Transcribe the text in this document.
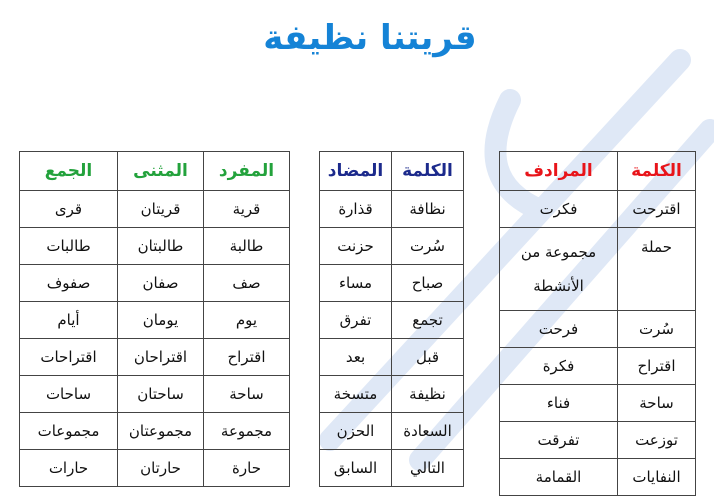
قريتنا نظيفة
الكلمة	المرادف
اقترحت	فكرت
حملة	مجموعة من الأنشطة
سُرت	فرحت
اقتراح	فكرة
ساحة	فناء
توزعت	تفرقت
النفايات	القمامة
الكلمة	المضاد
نظافة	قذارة
سُرت	حزنت
صباح	مساء
تجمع	تفرق
قبل	بعد
نظيفة	متسخة
السعادة	الحزن
التالي	السابق
المفرد	المثنى	الجمع
قرية	قريتان	قرى
طالبة	طالبتان	طالبات
صف	صفان	صفوف
يوم	يومان	أيام
اقتراح	اقتراحان	اقتراحات
ساحة	ساحتان	ساحات
مجموعة	مجموعتان	مجموعات
حارة	حارتان	حارات
